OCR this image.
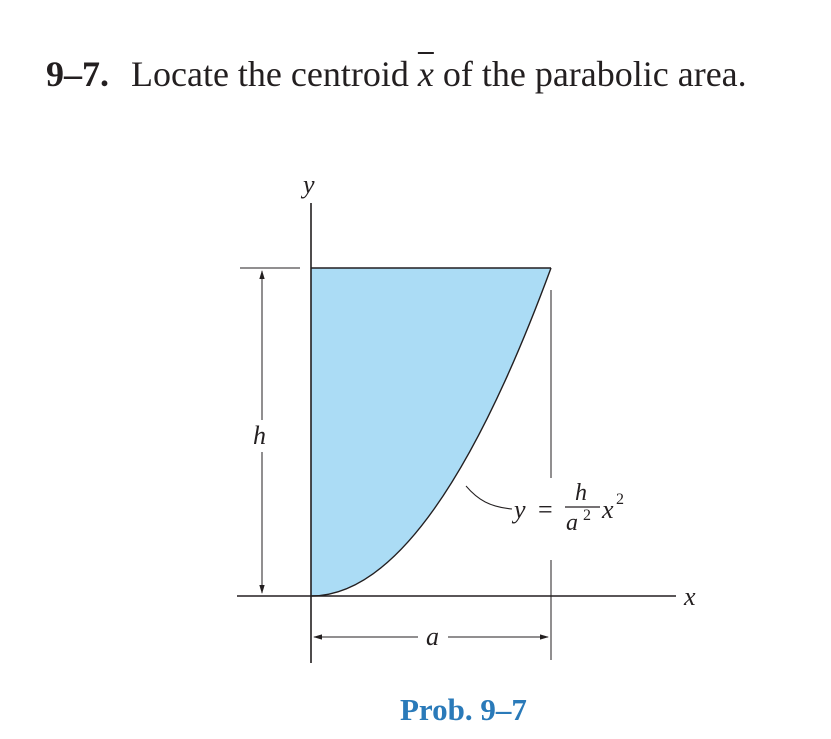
9–7. Locate the centroid $\overline{x}$ of the parabolic area.
y
x
h
a
y =
h
a 2 x 2
Prob. 9–7
